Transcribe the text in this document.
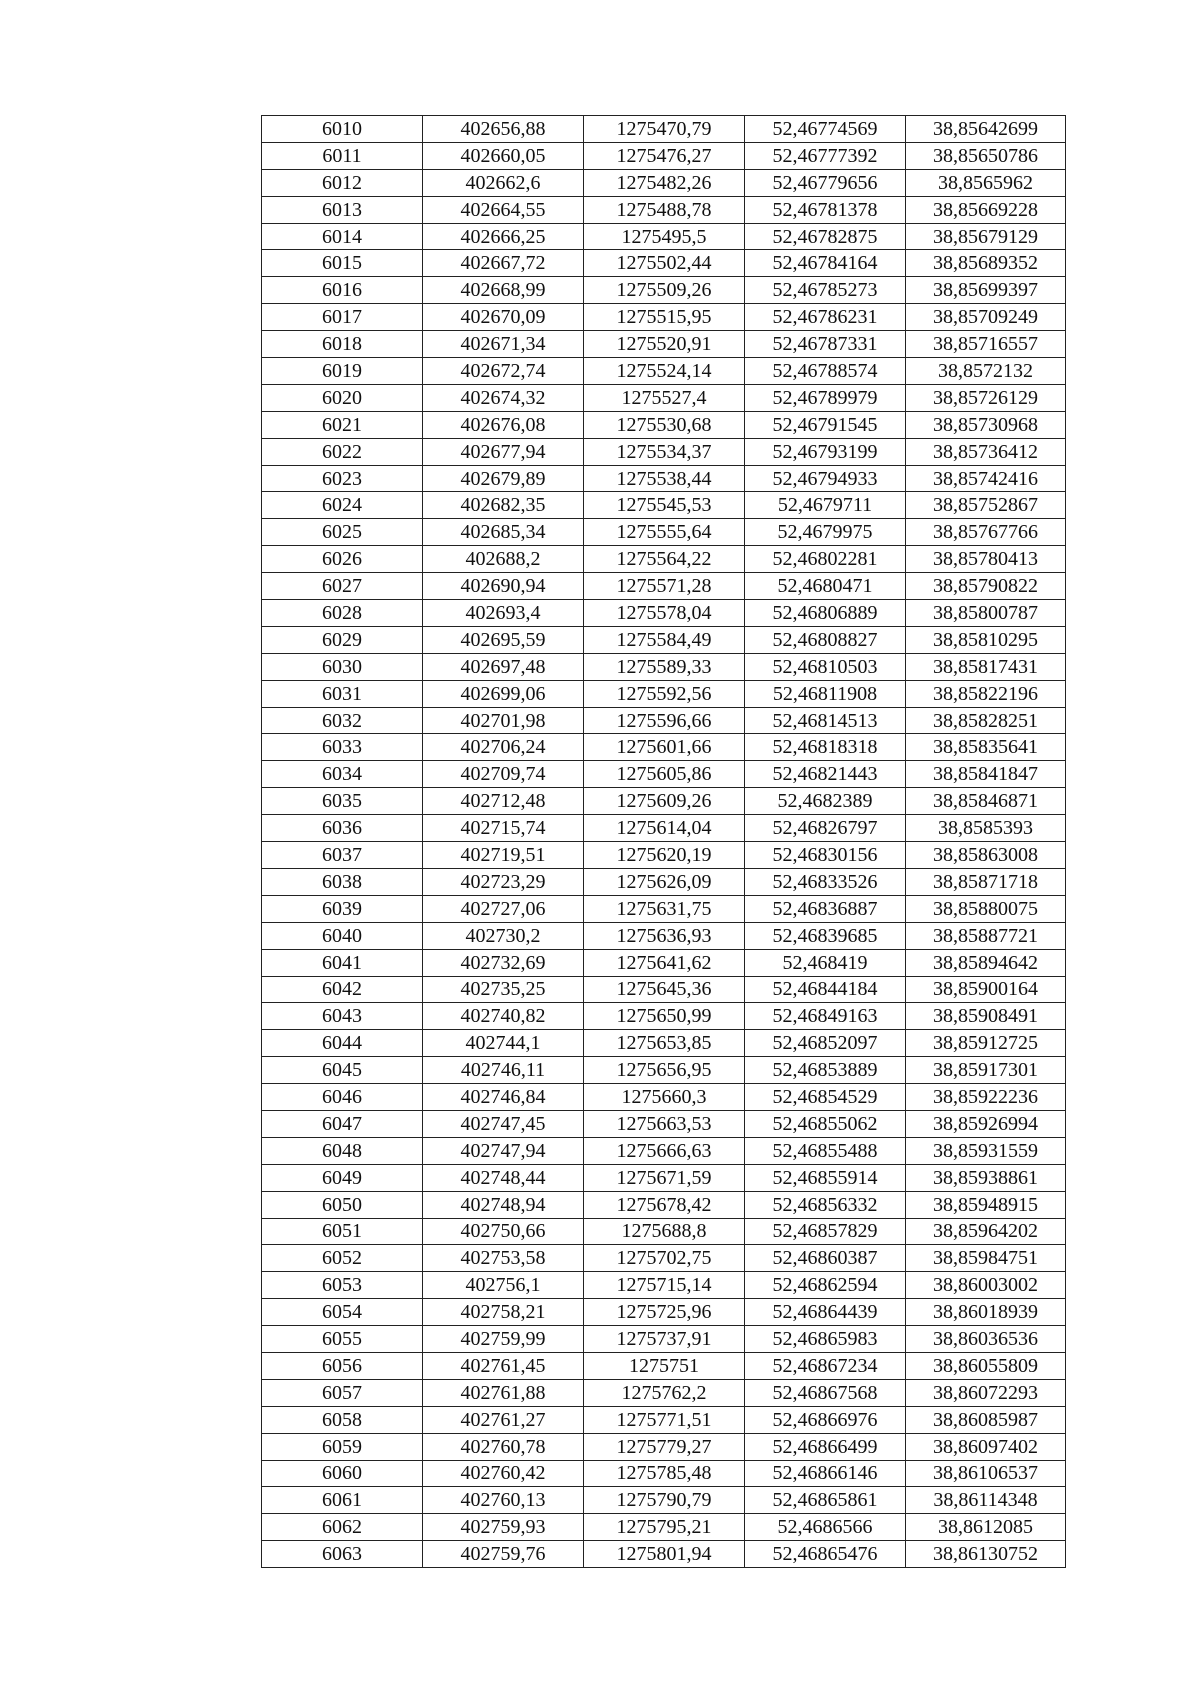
6010	402656,88	1275470,79	52,46774569	38,85642699
6011	402660,05	1275476,27	52,46777392	38,85650786
6012	402662,6	1275482,26	52,46779656	38,8565962
6013	402664,55	1275488,78	52,46781378	38,85669228
6014	402666,25	1275495,5	52,46782875	38,85679129
6015	402667,72	1275502,44	52,46784164	38,85689352
6016	402668,99	1275509,26	52,46785273	38,85699397
6017	402670,09	1275515,95	52,46786231	38,85709249
6018	402671,34	1275520,91	52,46787331	38,85716557
6019	402672,74	1275524,14	52,46788574	38,8572132
6020	402674,32	1275527,4	52,46789979	38,85726129
6021	402676,08	1275530,68	52,46791545	38,85730968
6022	402677,94	1275534,37	52,46793199	38,85736412
6023	402679,89	1275538,44	52,46794933	38,85742416
6024	402682,35	1275545,53	52,4679711	38,85752867
6025	402685,34	1275555,64	52,4679975	38,85767766
6026	402688,2	1275564,22	52,46802281	38,85780413
6027	402690,94	1275571,28	52,4680471	38,85790822
6028	402693,4	1275578,04	52,46806889	38,85800787
6029	402695,59	1275584,49	52,46808827	38,85810295
6030	402697,48	1275589,33	52,46810503	38,85817431
6031	402699,06	1275592,56	52,46811908	38,85822196
6032	402701,98	1275596,66	52,46814513	38,85828251
6033	402706,24	1275601,66	52,46818318	38,85835641
6034	402709,74	1275605,86	52,46821443	38,85841847
6035	402712,48	1275609,26	52,4682389	38,85846871
6036	402715,74	1275614,04	52,46826797	38,8585393
6037	402719,51	1275620,19	52,46830156	38,85863008
6038	402723,29	1275626,09	52,46833526	38,85871718
6039	402727,06	1275631,75	52,46836887	38,85880075
6040	402730,2	1275636,93	52,46839685	38,85887721
6041	402732,69	1275641,62	52,468419	38,85894642
6042	402735,25	1275645,36	52,46844184	38,85900164
6043	402740,82	1275650,99	52,46849163	38,85908491
6044	402744,1	1275653,85	52,46852097	38,85912725
6045	402746,11	1275656,95	52,46853889	38,85917301
6046	402746,84	1275660,3	52,46854529	38,85922236
6047	402747,45	1275663,53	52,46855062	38,85926994
6048	402747,94	1275666,63	52,46855488	38,85931559
6049	402748,44	1275671,59	52,46855914	38,85938861
6050	402748,94	1275678,42	52,46856332	38,85948915
6051	402750,66	1275688,8	52,46857829	38,85964202
6052	402753,58	1275702,75	52,46860387	38,85984751
6053	402756,1	1275715,14	52,46862594	38,86003002
6054	402758,21	1275725,96	52,46864439	38,86018939
6055	402759,99	1275737,91	52,46865983	38,86036536
6056	402761,45	1275751	52,46867234	38,86055809
6057	402761,88	1275762,2	52,46867568	38,86072293
6058	402761,27	1275771,51	52,46866976	38,86085987
6059	402760,78	1275779,27	52,46866499	38,86097402
6060	402760,42	1275785,48	52,46866146	38,86106537
6061	402760,13	1275790,79	52,46865861	38,86114348
6062	402759,93	1275795,21	52,4686566	38,8612085
6063	402759,76	1275801,94	52,46865476	38,86130752
